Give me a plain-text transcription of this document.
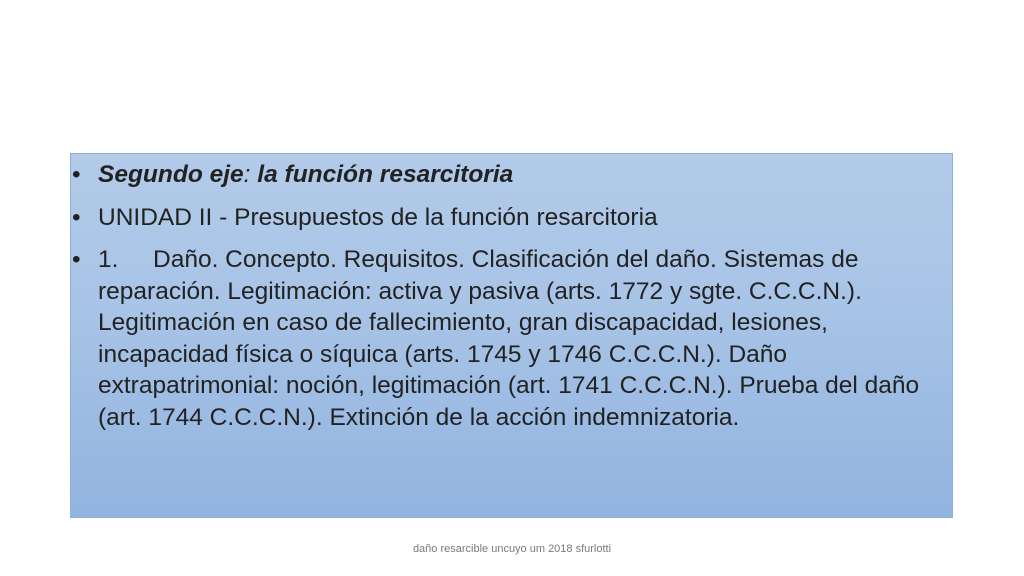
• Segundo eje: la función resarcitoria
• UNIDAD II - Presupuestos de la función resarcitoria
• 1. Daño. Concepto. Requisitos. Clasificación del daño. Sistemas de reparación. Legitimación: activa y pasiva (arts. 1772 y sgte. C.C.C.N.). Legitimación en caso de fallecimiento, gran discapacidad, lesiones, incapacidad física o síquica (arts. 1745 y 1746 C.C.C.N.). Daño extrapatrimonial: noción, legitimación (art. 1741 C.C.C.N.). Prueba del daño (art. 1744 C.C.C.N.). Extinción de la acción indemnizatoria.
daño resarcible uncuyo um 2018 sfurlotti
